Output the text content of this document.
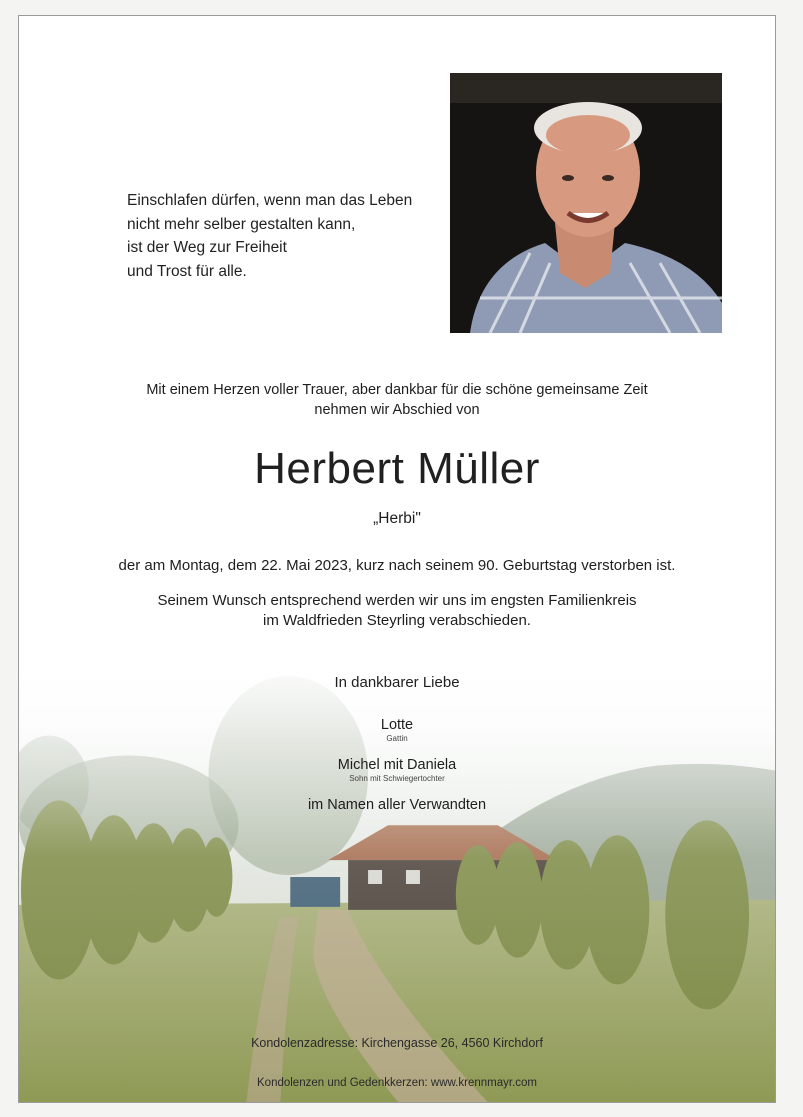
Einschlafen dürfen, wenn man das Leben
nicht mehr selber gestalten kann,
ist der Weg zur Freiheit
und Trost für alle.
Mit einem Herzen voller Trauer, aber dankbar für die schöne gemeinsame Zeit
nehmen wir Abschied von
Herbert Müller
„Herbi"
der am Montag, dem 22. Mai 2023, kurz nach seinem 90. Geburtstag verstorben ist.
Seinem Wunsch entsprechend werden wir uns im engsten Familienkreis
im Waldfrieden Steyrling verabschieden.
In dankbarer Liebe
Lotte
Gattin
Michel mit Daniela
Sohn mit Schwiegertochter
im Namen aller Verwandten
Kondolenzadresse: Kirchengasse 26, 4560 Kirchdorf
Kondolenzen und Gedenkkerzen: www.krennmayr.com
